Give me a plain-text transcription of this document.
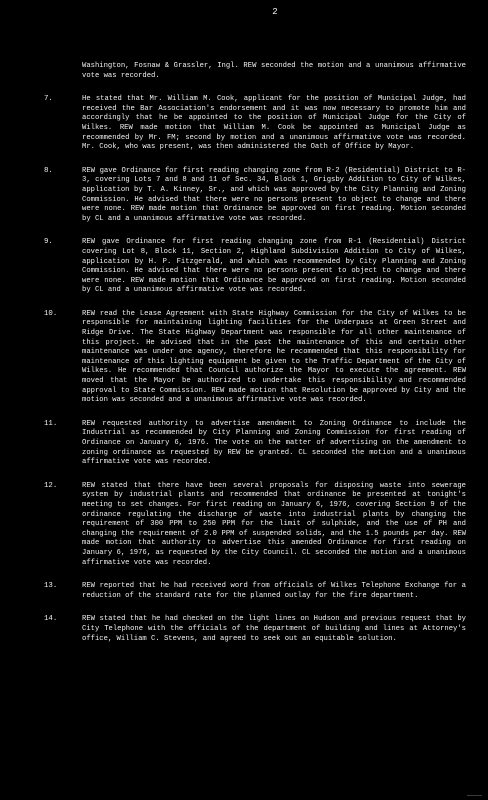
2
Washington, Fosnaw & Grassler, Ingl. REW seconded the motion and a unanimous affirmative vote was recorded.
7.	He stated that Mr. William M. Cook, applicant for the position of Municipal Judge, had received the Bar Association's endorsement and it was now necessary to promote him and accordingly that he be appointed to the position of Municipal Judge for the City of Wilkes. REW made motion that William M. Cook be appointed as Municipal Judge as recommended by Mr. FM; second by motion and a unanimous affirmative vote was recorded. Mr. Cook, who was present, was then administered the Oath of Office by Mayor.
8.	REW gave Ordinance for first reading changing zone from R-2 (Residential) District to R-3, covering Lots 7 and 8 and 11 of Sec. 34, Block 1, Grigsby Addition to City of Wilkes, application by T. A. Kinney, Sr., and which was approved by the City Planning and Zoning Commission. He advised that there were no persons present to object to change and there were none. REW made motion that Ordinance be approved on first reading. Motion seconded by CL and a unanimous affirmative vote was recorded.
9.	REW gave Ordinance for first reading changing zone from R-1 (Residential) District covering Lot 8, Block 11, Section 2, Highland Subdivision Addition to City of Wilkes, application by H. P. Fitzgerald, and which was recommended by City Planning and Zoning Commission. He advised that there were no persons present to object to change and there were none. REW made motion that Ordinance be approved on first reading. Motion seconded by CL and a unanimous affirmative vote was recorded.
10.	REW read the Lease Agreement with State Highway Commission for the City of Wilkes to be responsible for maintaining lighting facilities for the Underpass at Green Street and Ridge Drive. The State Highway Department was responsible for all other maintenance of this project. He advised that in the past the maintenance of this and certain other maintenance was under one agency, therefore he recommended that this responsibility for maintenance of this lighting equipment be given to the Traffic Department of the City of Wilkes. He recommended that Council authorize the Mayor to execute the agreement. REW moved that the Mayor be authorized to undertake this responsibility and recommended approval to State Commission. REW made motion that Resolution be approved by City and the motion was seconded and a unanimous affirmative vote was recorded.
11.	REW requested authority to advertise amendment to Zoning Ordinance to include the Industrial as recommended by City Planning and Zoning Commission for first reading of Ordinance on January 6, 1976. The vote on the matter of advertising on the amendment to zoning ordinance as requested by REW be granted. CL seconded the motion and a unanimous affirmative vote was recorded.
12.	REW stated that there have been several proposals for disposing waste into sewerage system by industrial plants and recommended that ordinance be presented at tonight's meeting to set changes. For first reading on January 6, 1976, covering Section 9 of the ordinance regulating the discharge of waste into industrial plants by changing the requirement of 300 PPM to 250 PPM for the limit of sulphide, and the use of PH and changing the requirement of 2.0 PPM of suspended solids, and the 1.5 pounds per day. REW made motion that authority to advertise this amended Ordinance for first reading on January 6, 1976, as requested by the City Council. CL seconded the motion and a unanimous affirmative vote was recorded.
13.	REW reported that he had received word from officials of Wilkes Telephone Exchange for a reduction of the standard rate for the planned outlay for the fire department.
14.	REW stated that he had checked on the light lines on Hudson and previous request that by City Telephone with the officials of the department of building and lines at Attorney's office, William C. Stevens, and agreed to seek out an equitable solution.
_____
